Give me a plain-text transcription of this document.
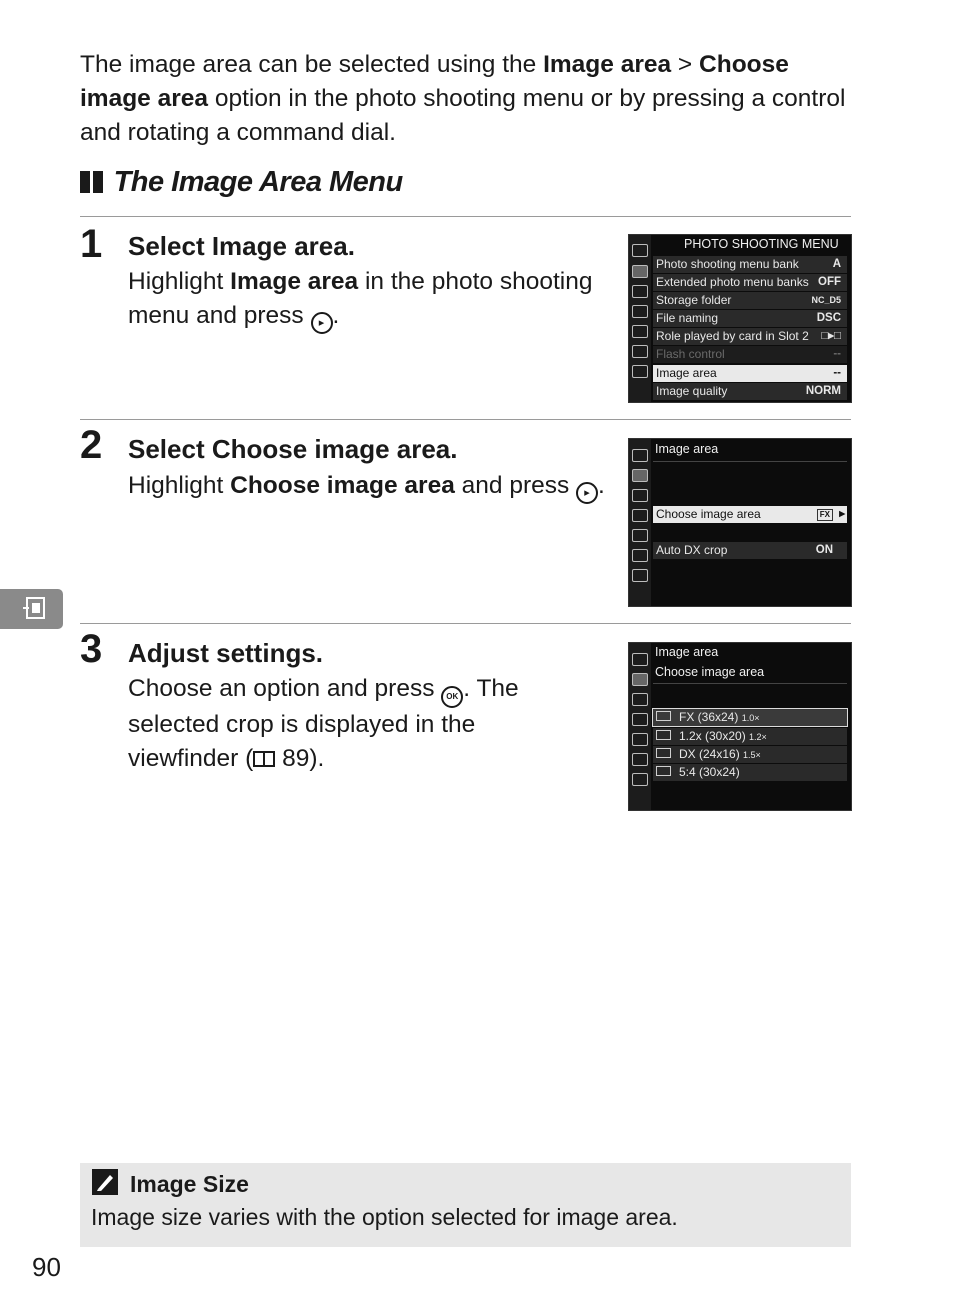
The image area can be selected using the Image area > Choose image area option in the photo shooting menu or by pressing a control and rotating a command dial.
The Image Area Menu
1 Select Image area.
Highlight Image area in the photo shooting menu and press ▸ .
PHOTO SHOOTING MENU
Photo shooting menu bank	A
Extended photo menu banks OFF
Storage folder	NC_D5
File naming	DSC
Role played by card in Slot 2 □▸□
Flash control	--
Image area	--
Image quality	NORM
2 Select Choose image area.
Highlight Choose image area and press ▸ .
Image area
Choose image area	FX ▸
Auto DX crop	ON
3 Adjust settings.
Choose an option and press OK . The selected crop is displayed in the viewfinder ( 89).
Image area
Choose image area
FX (36x24) 1.0×
1.2x (30x20) 1.2×
DX (24x16) 1.5×
5:4 (30x24)
Image Size
Image size varies with the option selected for image area.
90
